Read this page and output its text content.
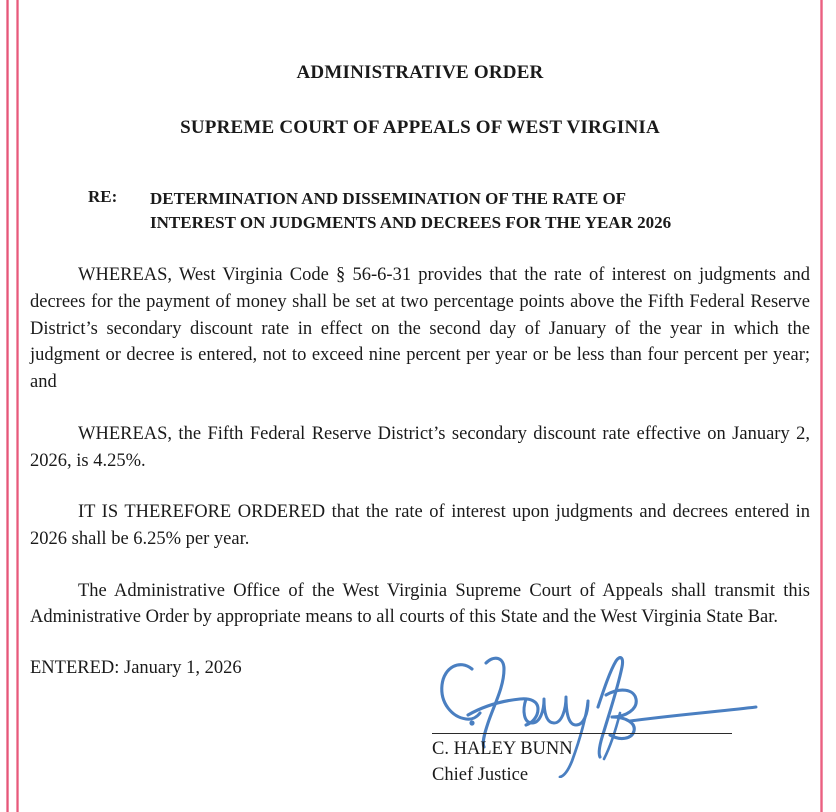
ADMINISTRATIVE ORDER
SUPREME COURT OF APPEALS OF WEST VIRGINIA
RE:	DETERMINATION AND DISSEMINATION OF THE RATE OF
INTEREST ON JUDGMENTS AND DECREES FOR THE YEAR 2026

WHEREAS, West Virginia Code § 56-6-31 provides that the rate of interest on judgments and decrees for the payment of money shall be set at two percentage points above the Fifth Federal Reserve District’s secondary discount rate in effect on the second day of January of the year in which the judgment or decree is entered, not to exceed nine percent per year or be less than four percent per year; and

WHEREAS, the Fifth Federal Reserve District’s secondary discount rate effective on January 2, 2026, is 4.25%.

IT IS THEREFORE ORDERED that the rate of interest upon judgments and decrees entered in 2026 shall be 6.25% per year.

The Administrative Office of the West Virginia Supreme Court of Appeals shall transmit this Administrative Order by appropriate means to all courts of this State and the West Virginia State Bar.

ENTERED: January 1, 2026
C. HALEY BUNN
Chief Justice
